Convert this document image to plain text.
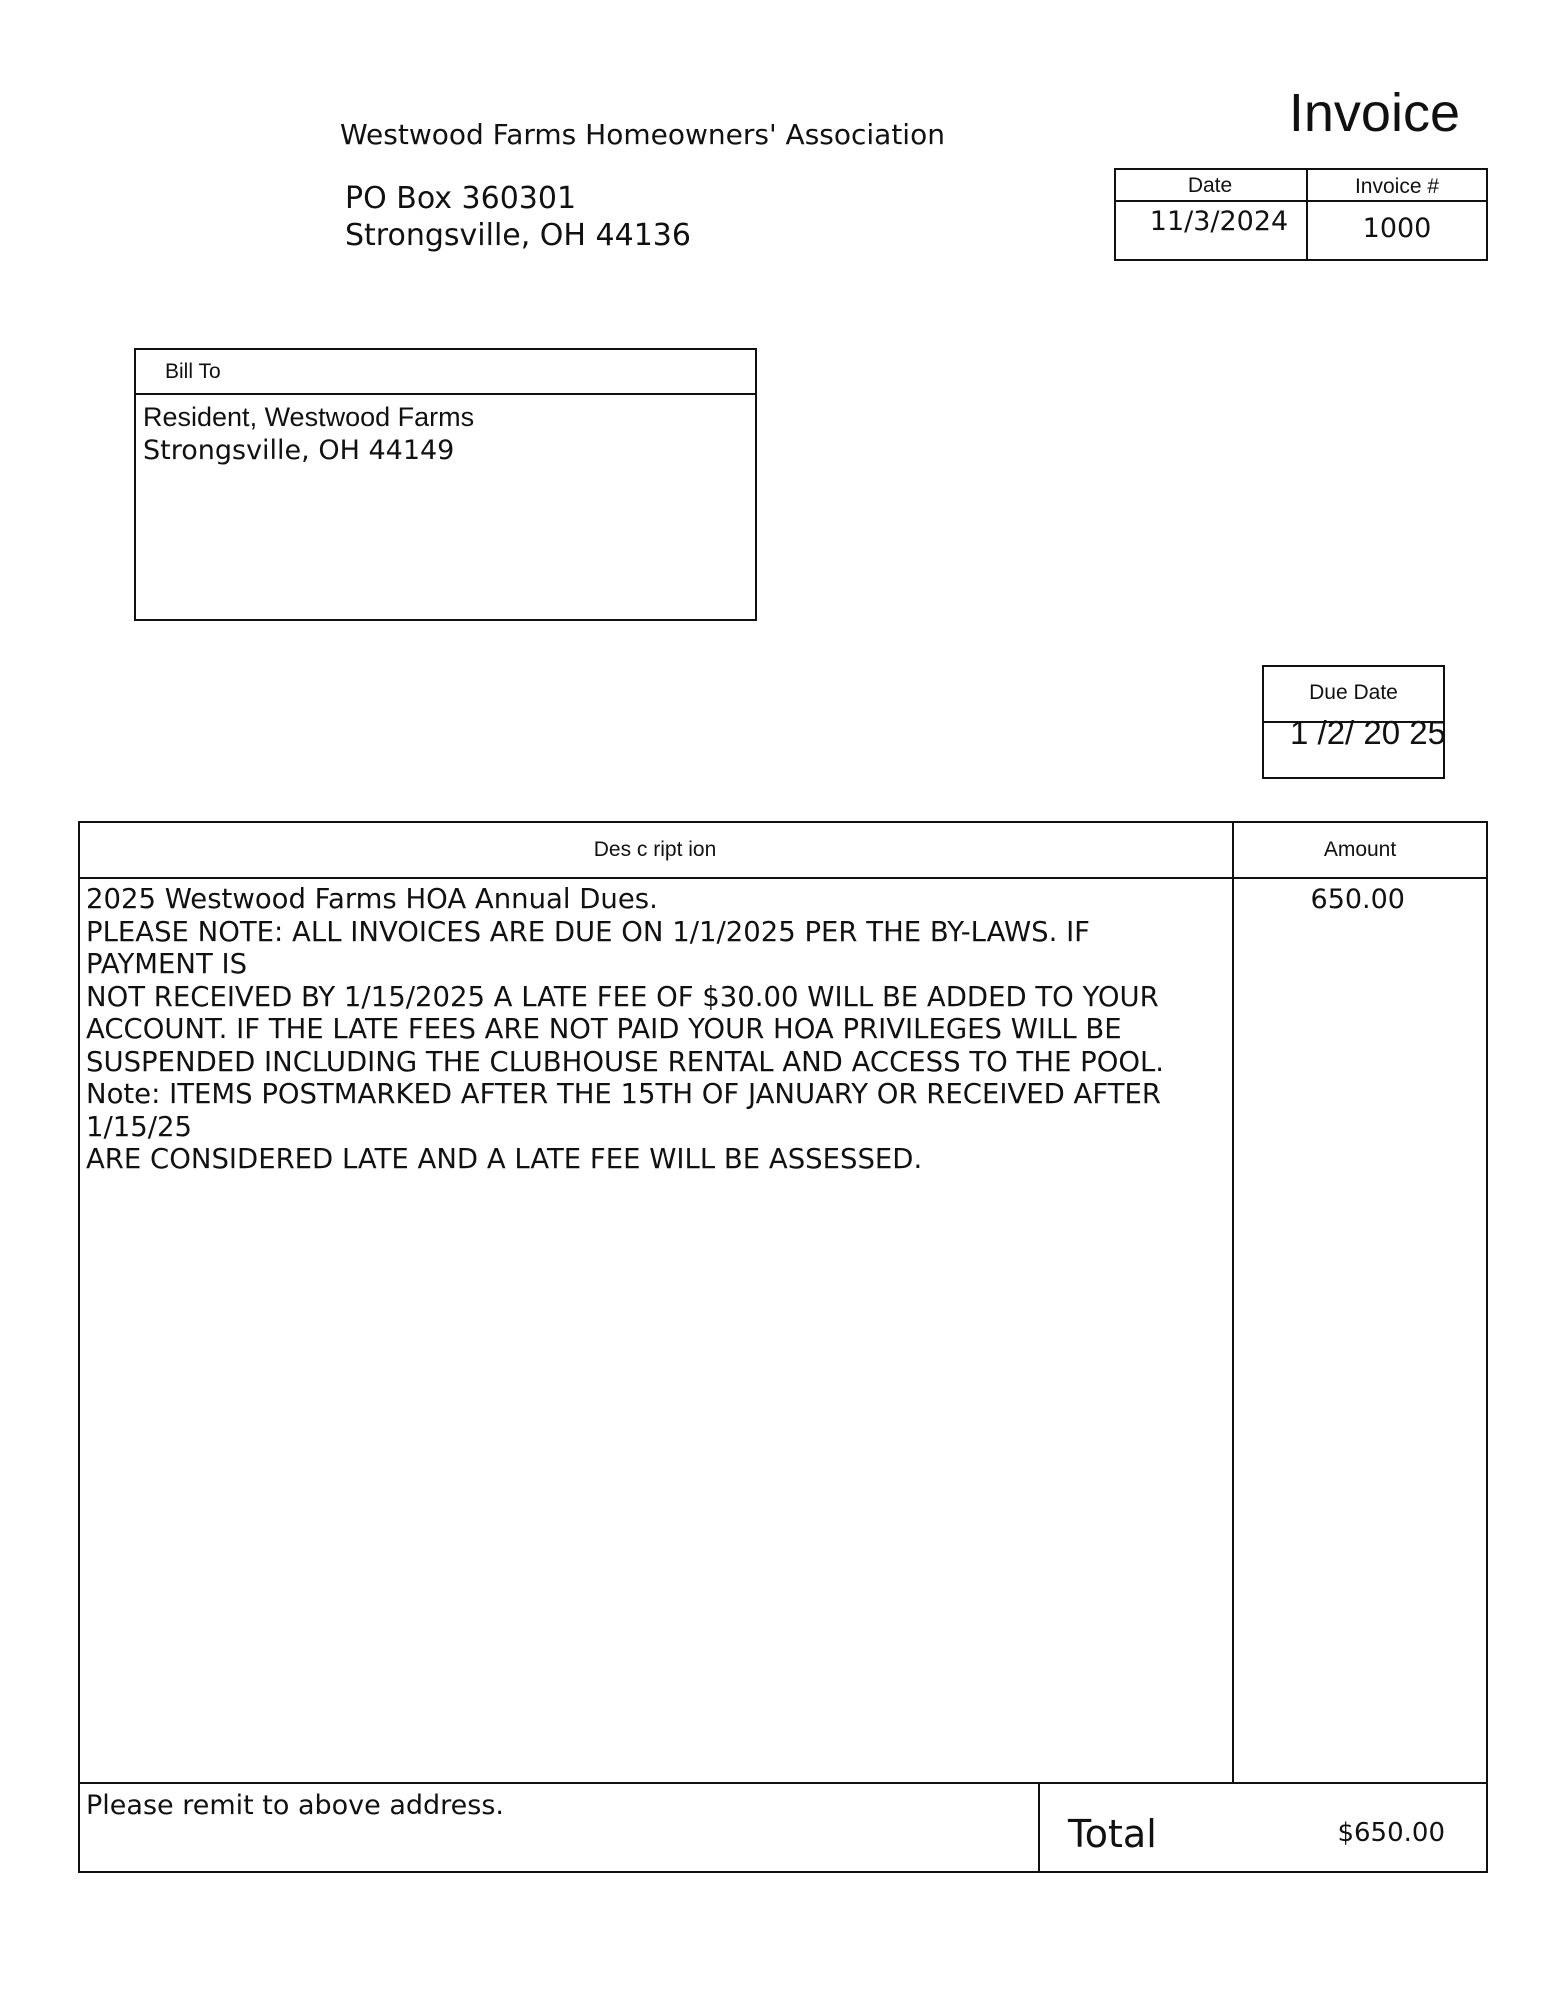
Westwood Farms Homeowners' Association
PO Box 360301
Strongsville, OH 44136
Invoice
Date	Invoice #
11/3/2024	1000
Bill To
Resident, Westwood Farms
Strongsville, OH 44149
Due Date
1 /2/ 20 25
Des c ript ion	Amount
2025 Westwood Farms HOA Annual Dues.
PLEASE NOTE: ALL INVOICES ARE DUE ON 1/1/2025 PER THE BY-LAWS. IF PAYMENT IS
NOT RECEIVED BY 1/15/2025 A LATE FEE OF $30.00 WILL BE ADDED TO YOUR
ACCOUNT. IF THE LATE FEES ARE NOT PAID YOUR HOA PRIVILEGES WILL BE
SUSPENDED INCLUDING THE CLUBHOUSE RENTAL AND ACCESS TO THE POOL.
Note: ITEMS POSTMARKED AFTER THE 15TH OF JANUARY OR RECEIVED AFTER 1/15/25
ARE CONSIDERED LATE AND A LATE FEE WILL BE ASSESSED.
650.00
Please remit to above address.
Total	$650.00
